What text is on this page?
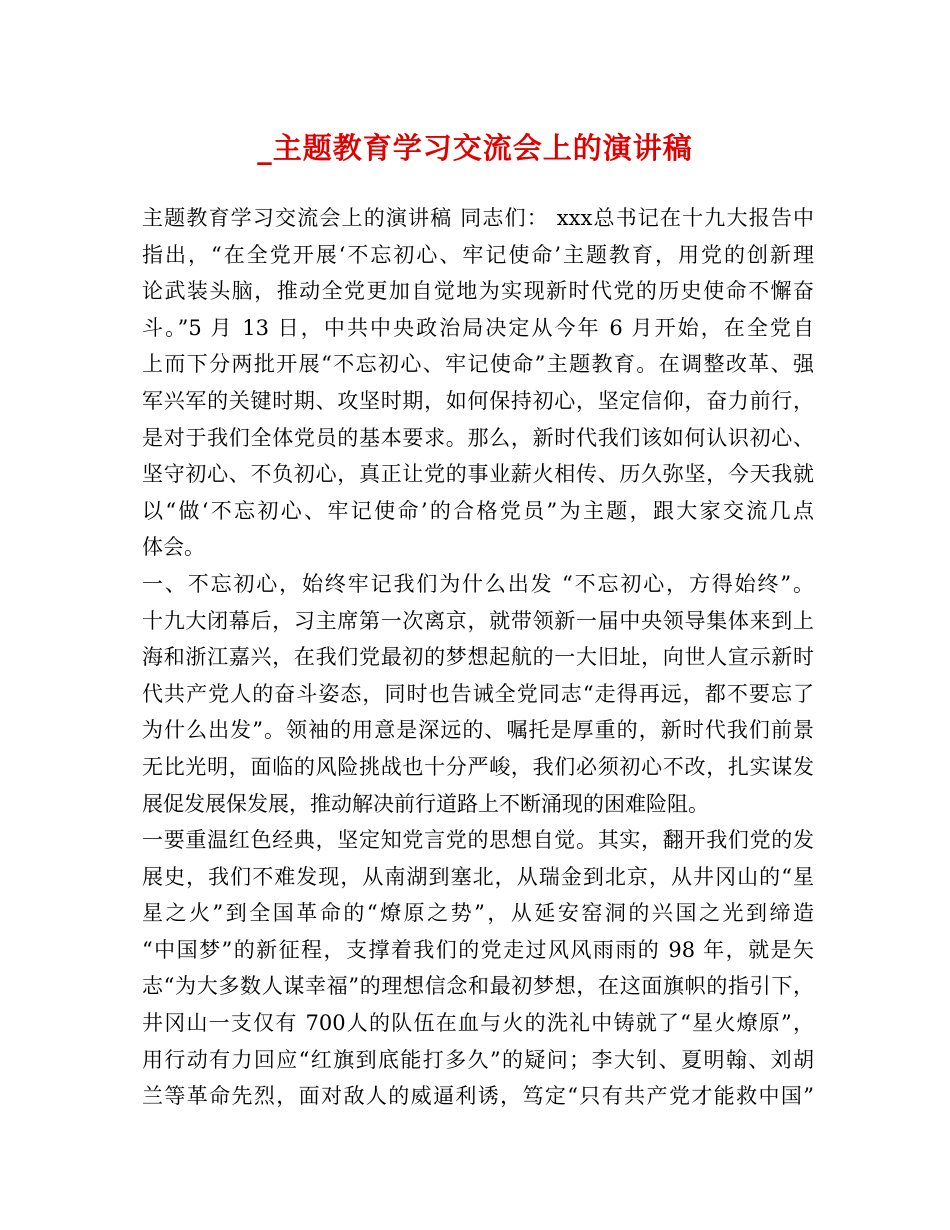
_主题教育学习交流会上的演讲稿
主题教育学习交流会上的演讲稿 同志们： xxx总书记在十九大报告中
指出，“在全党开展‘不忘初心、牢记使命’主题教育，用党的创新理
论武装头脑，推动全党更加自觉地为实现新时代党的历史使命不懈奋
斗。”5 月 13 日，中共中央政治局决定从今年 6 月开始，在全党自
上而下分两批开展“不忘初心、牢记使命”主题教育。在调整改革、强
军兴军的关键时期、攻坚时期，如何保持初心，坚定信仰，奋力前行，
是对于我们全体党员的基本要求。那么，新时代我们该如何认识初心、
坚守初心、不负初心，真正让党的事业薪火相传、历久弥坚，今天我就
以“做‘不忘初心、牢记使命’的合格党员”为主题，跟大家交流几点
体会。
一、不忘初心，始终牢记我们为什么出发 “不忘初心，方得始终”。
十九大闭幕后，习主席第一次离京，就带领新一届中央领导集体来到上
海和浙江嘉兴，在我们党最初的梦想起航的一大旧址，向世人宣示新时
代共产党人的奋斗姿态，同时也告诫全党同志“走得再远，都不要忘了
为什么出发”。领袖的用意是深远的、嘱托是厚重的，新时代我们前景
无比光明，面临的风险挑战也十分严峻，我们必须初心不改，扎实谋发
展促发展保发展，推动解决前行道路上不断涌现的困难险阻。
一要重温红色经典，坚定知党言党的思想自觉。其实，翻开我们党的发
展史，我们不难发现，从南湖到塞北，从瑞金到北京，从井冈山的“星
星之火”到全国革命的“燎原之势”，从延安窑洞的兴国之光到缔造
“中国梦”的新征程，支撑着我们的党走过风风雨雨的 98 年，就是矢
志“为大多数人谋幸福”的理想信念和最初梦想，在这面旗帜的指引下，
井冈山一支仅有 700人的队伍在血与火的洗礼中铸就了“星火燎原”，
用行动有力回应“红旗到底能打多久”的疑问；李大钊、夏明翰、刘胡
兰等革命先烈，面对敌人的威逼利诱，笃定“只有共产党才能救中国”
